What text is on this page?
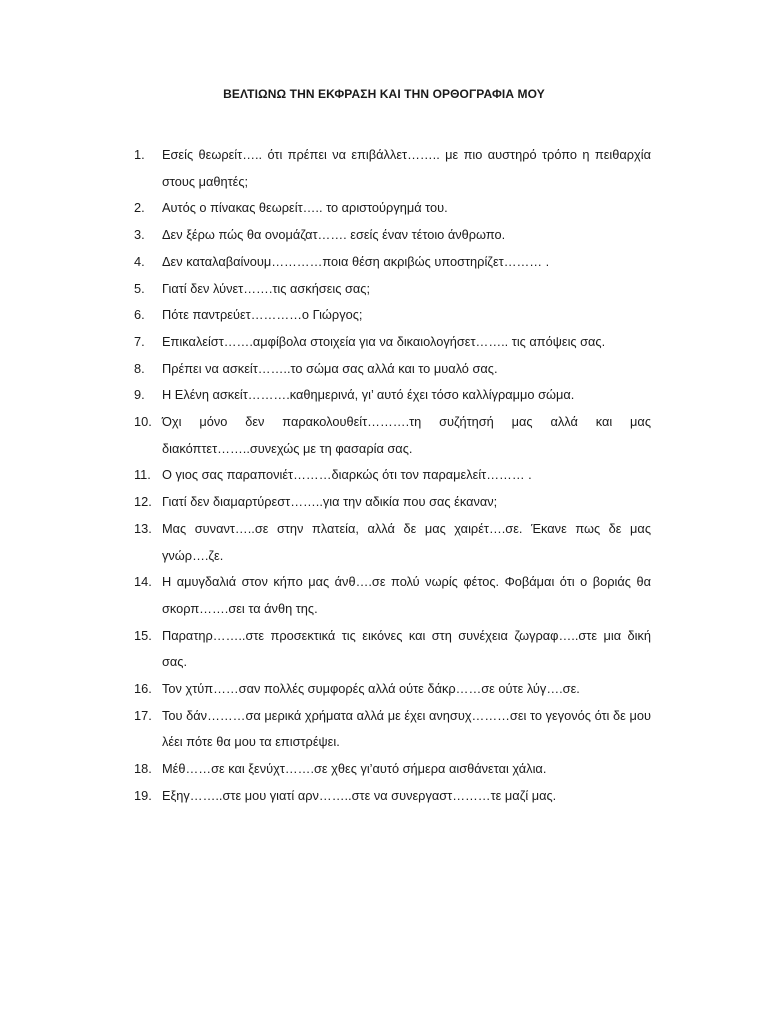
ΒΕΛΤΙΩΝΩ ΤΗΝ ΕΚΦΡΑΣΗ ΚΑΙ ΤΗΝ ΟΡΘΟΓΡΑΦΙΑ ΜΟΥ
1. Εσείς θεωρείτ….. ότι πρέπει να επιβάλλετ…….. με πιο αυστηρό τρόπο η πειθαρχία στους μαθητές;
2. Αυτός ο πίνακας θεωρείτ….. το αριστούργημά του.
3. Δεν ξέρω πώς θα ονομάζατ……. εσείς έναν τέτοιο άνθρωπο.
4. Δεν καταλαβαίνουμ…………ποια θέση ακριβώς υποστηρίζετ……… .
5. Γιατί δεν λύνετ…….τις ασκήσεις σας;
6. Πότε παντρεύετ…………ο Γιώργος;
7. Επικαλείστ…….αμφίβολα στοιχεία για να δικαιολογήσετ…….. τις απόψεις σας.
8. Πρέπει να ασκείτ……..το σώμα σας αλλά και το μυαλό σας.
9. Η Ελένη ασκείτ……….καθημερινά, γι’ αυτό έχει τόσο καλλίγραμμο σώμα.
10. Όχι μόνο δεν παρακολουθείτ……….τη συζήτησή μας αλλά και μας διακόπτετ……..συνεχώς με τη φασαρία σας.
11. Ο γιος σας παραπονιέτ………διαρκώς ότι τον παραμελείτ……… .
12. Γιατί δεν διαμαρτύρεστ……..για την αδικία που σας έκαναν;
13. Μας συναντ…..σε στην πλατεία, αλλά δε μας χαιρέτ….σε. Έκανε πως δε μας γνώρ….ζε.
14. Η αμυγδαλιά στον κήπο μας άνθ….σε πολύ νωρίς φέτος. Φοβάμαι ότι ο βοριάς θα σκορπ…….σει τα άνθη της.
15. Παρατηρ……..στε προσεκτικά τις εικόνες και στη συνέχεια ζωγραφ…..στε μια δική σας.
16. Τον χτύπ……σαν πολλές συμφορές αλλά ούτε δάκρ……σε ούτε λύγ….σε.
17. Του δάν………σα μερικά χρήματα αλλά με έχει ανησυχ………σει το γεγονός ότι δε μου λέει πότε θα μου τα επιστρέψει.
18. Μέθ……σε και ξενύχτ…….σε χθες γι’αυτό σήμερα αισθάνεται χάλια.
19. Εξηγ……..στε μου γιατί αρν……..στε να συνεργαστ………τε μαζί μας.
